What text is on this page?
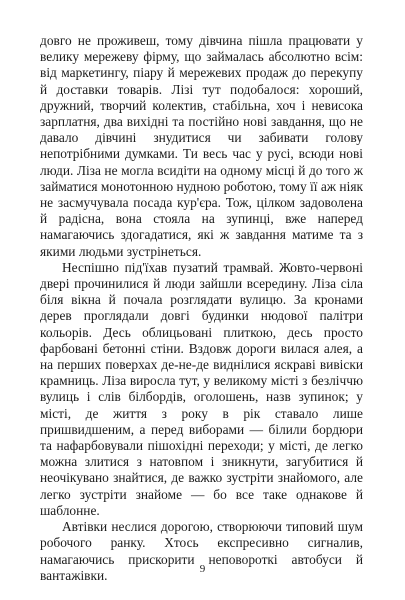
довго не проживеш, тому дівчина пішла працювати у велику мережеву фірму, що займалась абсолютно всім: від маркетингу, піару й мережевих продаж до перекупу й доставки товарів. Лізі тут подобалося: хороший, дружний, творчий колектив, стабільна, хоч і невисока зарплатня, два вихідні та постійно нові завдання, що не давало дівчині знудитися чи забивати голову непотрібними думками. Ти весь час у русі, всюди нові люди. Ліза не могла всидіти на одному місці й до того ж займатися монотонною нудною роботою, тому її аж ніяк не засмучувала посада кур'єра. Тож, цілком задоволена й радісна, вона стояла на зупинці, вже наперед намагаючись здогадатися, які ж завдання матиме та з якими людьми зустрінеться.

Неспішно під'їхав пузатий трамвай. Жовто-червоні двері прочинилися й люди зайшли всередину. Ліза сіла біля вікна й почала розглядати вулицю. За кронами дерев проглядали довгі будинки нюдової палітри кольорів. Десь облицьовані плиткою, десь просто фарбовані бетонні стіни. Вздовж дороги вилася алея, а на перших поверхах де-не-де виднілися яскраві вивіски крамниць. Ліза виросла тут, у великому місті з безліччю вулиць і слів білбордів, оголошень, назв зупинок; у місті, де життя з року в рік ставало лише пришвидшеним, а перед виборами — білили бордюри та нафарбовували пішохідні переходи; у місті, де легко можна злитися з натовпом і зникнути, загубитися й неочікувано знайтися, де важко зустріти знайомого, але легко зустріти знайоме — бо все таке однакове й шаблонне.

Автівки неслися дорогою, створюючи типовий шум робочого ранку. Хтось експресивно сигналив, намагаючись прискорити неповороткі автобуси й вантажівки.	9
